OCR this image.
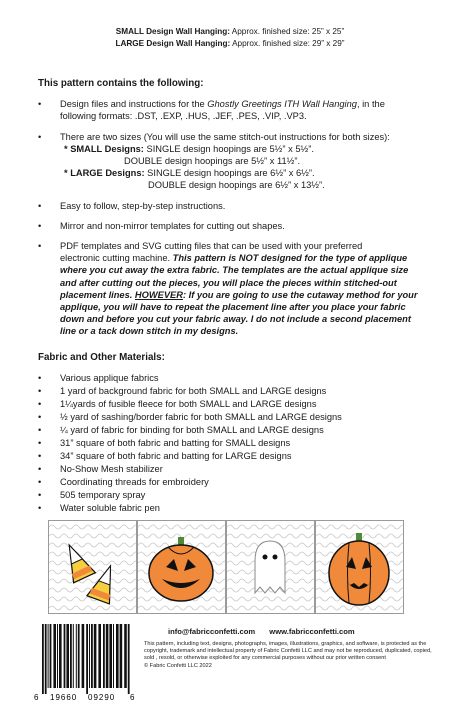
SMALL Design Wall Hanging: Approx. finished size: 25” x 25”
LARGE Design Wall Hanging: Approx. finished size: 29” x 29”
This pattern contains the following:
• Design files and instructions for the Ghostly Greetings ITH Wall Hanging, in the
following formats: .DST, .EXP, .HUS, .JEF, .PES, .VIP, .VP3.
• There are two sizes (You will use the same stitch-out instructions for both sizes):
* SMALL Designs: SINGLE design hoopings are 5½” x 5½”.
DOUBLE design hoopings are 5½” x 11½”.
* LARGE Designs: SINGLE design hoopings are 6½” x 6½”.
DOUBLE design hoopings are 6½” x 13½”.
• Easy to follow, step-by-step instructions.
• Mirror and non-mirror templates for cutting out shapes.
• PDF templates and SVG cutting files that can be used with your preferred
electronic cutting machine. This pattern is NOT designed for the type of applique
where you cut away the extra fabric. The templates are the actual applique size
and after cutting out the pieces, you will place the pieces within stitched-out
placement lines. HOWEVER: If you are going to use the cutaway method for your
applique, you will have to repeat the placement line after you place your fabric
down and before you cut your fabric away. I do not include a second placement
line or a tack down stitch in my designs.
Fabric and Other Materials:
• Various applique fabrics
• 1 yard of background fabric for both SMALL and LARGE designs
• 1¼yards of fusible fleece for both SMALL and LARGE designs
• ½ yard of sashing/border fabric for both SMALL and LARGE designs
• ¼ yard of fabric for binding for both SMALL and LARGE designs
• 31” square of both fabric and batting for SMALL designs
• 34” square of both fabric and batting for LARGE designs
• No-Show Mesh stabilizer
• Coordinating threads for embroidery
• 505 temporary spray
• Water soluble fabric pen
6 19660 09290 6
info@fabricconfetti.com www.fabricconfetti.com
This pattern, including text, designs, photographs, images, illustrations, graphics, and software, is protected as the copyright, trademark and intellectual property of Fabric Confetti LLC and may not be reproduced, duplicated, copied, sold , resold, or otherwise exploited for any commercial purposes without our prior written consent
© Fabric Confetti LLC 2022
